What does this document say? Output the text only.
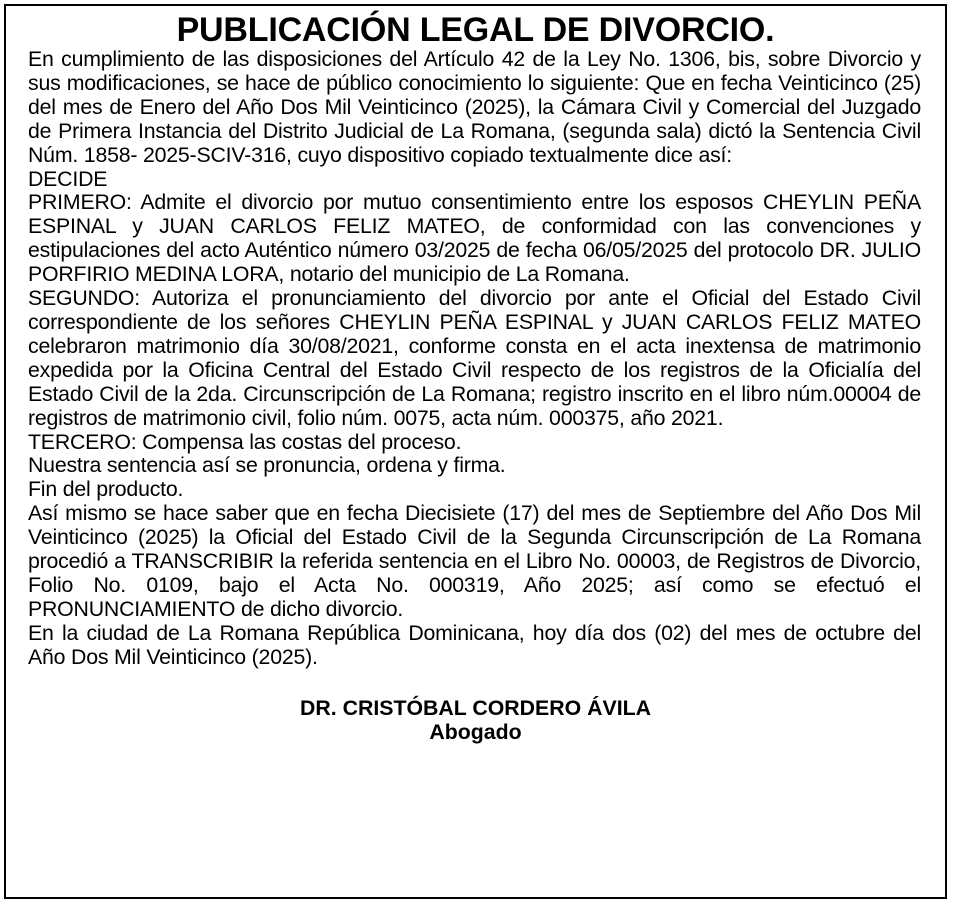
PUBLICACIÓN LEGAL DE DIVORCIO.

En cumplimiento de las disposiciones del Artículo 42 de la Ley No. 1306, bis, sobre Divorcio y sus modificaciones, se hace de público conocimiento lo siguiente: Que en fecha Veinticinco (25) del mes de Enero del Año Dos Mil Veinticinco (2025), la Cámara Civil y Comercial del Juzgado de Primera Instancia del Distrito Judicial de La Romana, (segunda sala) dictó la Sentencia Civil Núm. 1858- 2025-SCIV-316, cuyo dispositivo copiado textualmente dice así:

DECIDE

PRIMERO: Admite el divorcio por mutuo consentimiento entre los esposos CHEYLIN PEÑA ESPINAL y JUAN CARLOS FELIZ MATEO, de conformidad con las convenciones y estipulaciones del acto Auténtico número 03/2025 de fecha 06/05/2025 del protocolo DR. JULIO PORFIRIO MEDINA LORA, notario del municipio de La Romana.

SEGUNDO: Autoriza el pronunciamiento del divorcio por ante el Oficial del Estado Civil correspondiente de los señores CHEYLIN PEÑA ESPINAL y JUAN CARLOS FELIZ MATEO celebraron matrimonio día 30/08/2021, conforme consta en el acta inextensa de matrimonio expedida por la Oficina Central del Estado Civil respecto de los registros de la Oficialía del Estado Civil de la 2da. Circunscripción de La Romana; registro inscrito en el libro núm.00004 de registros de matrimonio civil, folio núm. 0075, acta núm. 000375, año 2021.

TERCERO: Compensa las costas del proceso.

Nuestra sentencia así se pronuncia, ordena y firma.

Fin del producto.

Así mismo se hace saber que en fecha Diecisiete (17) del mes de Septiembre del Año Dos Mil Veinticinco (2025) la Oficial del Estado Civil de la Segunda Circunscripción de La Romana procedió a TRANSCRIBIR la referida sentencia en el Libro No. 00003, de Registros de Divorcio, Folio No. 0109, bajo el Acta No. 000319, Año 2025; así como se efectuó el PRONUNCIAMIENTO de dicho divorcio.

En la ciudad de La Romana República Dominicana, hoy día dos (02) del mes de octubre del Año Dos Mil Veinticinco (2025).

DR. CRISTÓBAL CORDERO ÁVILA
Abogado
